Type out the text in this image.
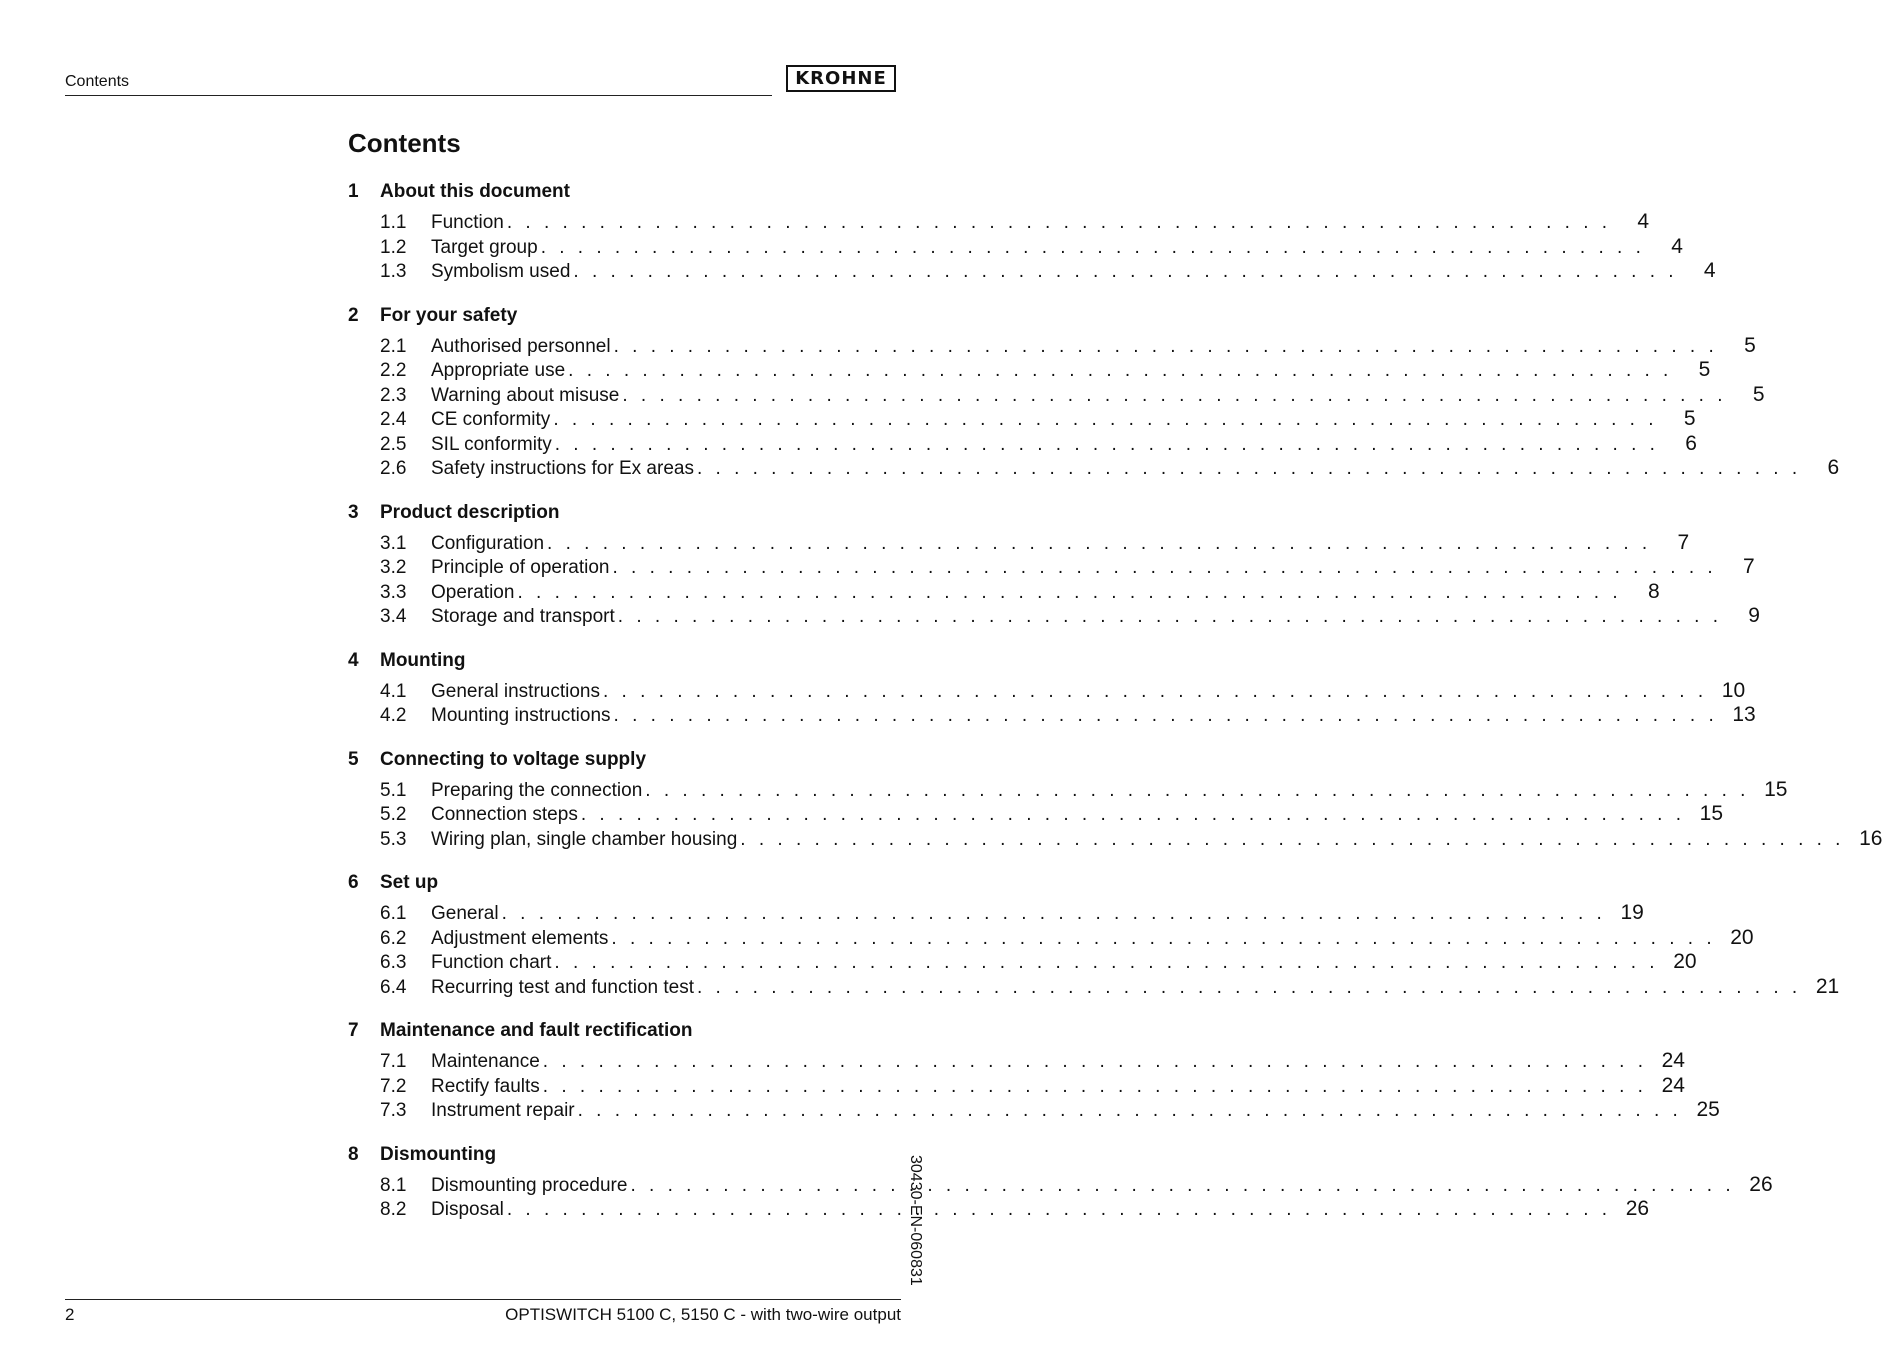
Contents	KROHNE
Contents
1	About this document
1.1 Function . . . . . . . . . . . . . . . . . . . . . . . . . . . . . . . . . . . . . . . . . . . . . . . . . . . . . . . . . . . .	4
1.2 Target group . . . . . . . . . . . . . . . . . . . . . . . . . . . . . . . . . . . . . . . . . . . . . . . . . . . . . . . . . . . .	4
1.3 Symbolism used . . . . . . . . . . . . . . . . . . . . . . . . . . . . . . . . . . . . . . . . . . . . . . . . . . . . . . . . . . . .	4
2	For your safety
2.1 Authorised personnel . . . . . . . . . . . . . . . . . . . . . . . . . . . . . . . . . . . . . . . . . . . . . . . . . . . . . . . . . . . .	5
2.2 Appropriate use . . . . . . . . . . . . . . . . . . . . . . . . . . . . . . . . . . . . . . . . . . . . . . . . . . . . . . . . . . . .	5
2.3 Warning about misuse . . . . . . . . . . . . . . . . . . . . . . . . . . . . . . . . . . . . . . . . . . . . . . . . . . . . . . . . . . . .	5
2.4 CE conformity . . . . . . . . . . . . . . . . . . . . . . . . . . . . . . . . . . . . . . . . . . . . . . . . . . . . . . . . . . . .	5
2.5 SIL conformity . . . . . . . . . . . . . . . . . . . . . . . . . . . . . . . . . . . . . . . . . . . . . . . . . . . . . . . . . . . .	6
2.6 Safety instructions for Ex areas . . . . . . . . . . . . . . . . . . . . . . . . . . . . . . . . . . . . . . . . . . . . . . . . . . . . . . . . . . . .	6
3	Product description
3.1 Configuration . . . . . . . . . . . . . . . . . . . . . . . . . . . . . . . . . . . . . . . . . . . . . . . . . . . . . . . . . . . .	7
3.2 Principle of operation . . . . . . . . . . . . . . . . . . . . . . . . . . . . . . . . . . . . . . . . . . . . . . . . . . . . . . . . . . . .	7
3.3 Operation . . . . . . . . . . . . . . . . . . . . . . . . . . . . . . . . . . . . . . . . . . . . . . . . . . . . . . . . . . . .	8
3.4 Storage and transport . . . . . . . . . . . . . . . . . . . . . . . . . . . . . . . . . . . . . . . . . . . . . . . . . . . . . . . . . . . .	9
4	Mounting
4.1 General instructions . . . . . . . . . . . . . . . . . . . . . . . . . . . . . . . . . . . . . . . . . . . . . . . . . . . . . . . . . . . . 10
4.2 Mounting instructions . . . . . . . . . . . . . . . . . . . . . . . . . . . . . . . . . . . . . . . . . . . . . . . . . . . . . . . . . . . . 13
5	Connecting to voltage supply
5.1 Preparing the connection . . . . . . . . . . . . . . . . . . . . . . . . . . . . . . . . . . . . . . . . . . . . . . . . . . . . . . . . . . . . 15
5.2 Connection steps . . . . . . . . . . . . . . . . . . . . . . . . . . . . . . . . . . . . . . . . . . . . . . . . . . . . . . . . . . . . 15
5.3 Wiring plan, single chamber housing . . . . . . . . . . . . . . . . . . . . . . . . . . . . . . . . . . . . . . . . . . . . . . . . . . . . . . . . . . . . 16
6	Set up
6.1 General . . . . . . . . . . . . . . . . . . . . . . . . . . . . . . . . . . . . . . . . . . . . . . . . . . . . . . . . . . . . 19
6.2 Adjustment elements . . . . . . . . . . . . . . . . . . . . . . . . . . . . . . . . . . . . . . . . . . . . . . . . . . . . . . . . . . . . 20
6.3 Function chart . . . . . . . . . . . . . . . . . . . . . . . . . . . . . . . . . . . . . . . . . . . . . . . . . . . . . . . . . . . . 20
6.4 Recurring test and function test . . . . . . . . . . . . . . . . . . . . . . . . . . . . . . . . . . . . . . . . . . . . . . . . . . . . . . . . . . . . 21
7	Maintenance and fault rectification
7.1 Maintenance . . . . . . . . . . . . . . . . . . . . . . . . . . . . . . . . . . . . . . . . . . . . . . . . . . . . . . . . . . . . 24
7.2 Rectify faults . . . . . . . . . . . . . . . . . . . . . . . . . . . . . . . . . . . . . . . . . . . . . . . . . . . . . . . . . . . . 24
7.3 Instrument repair . . . . . . . . . . . . . . . . . . . . . . . . . . . . . . . . . . . . . . . . . . . . . . . . . . . . . . . . . . . . 25
8	Dismounting
8.1 Dismounting procedure . . . . . . . . . . . . . . . . . . . . . . . . . . . . . . . . . . . . . . . . . . . . . . . . . . . . . . . . . . . . 26
8.2 Disposal . . . . . . . . . . . . . . . . . . . . . . . . . . . . . . . . . . . . . . . . . . . . . . . . . . . . . . . . . . . . 26
30430-EN-060831
2	OPTISWITCH 5100 C, 5150 C - with two-wire output
